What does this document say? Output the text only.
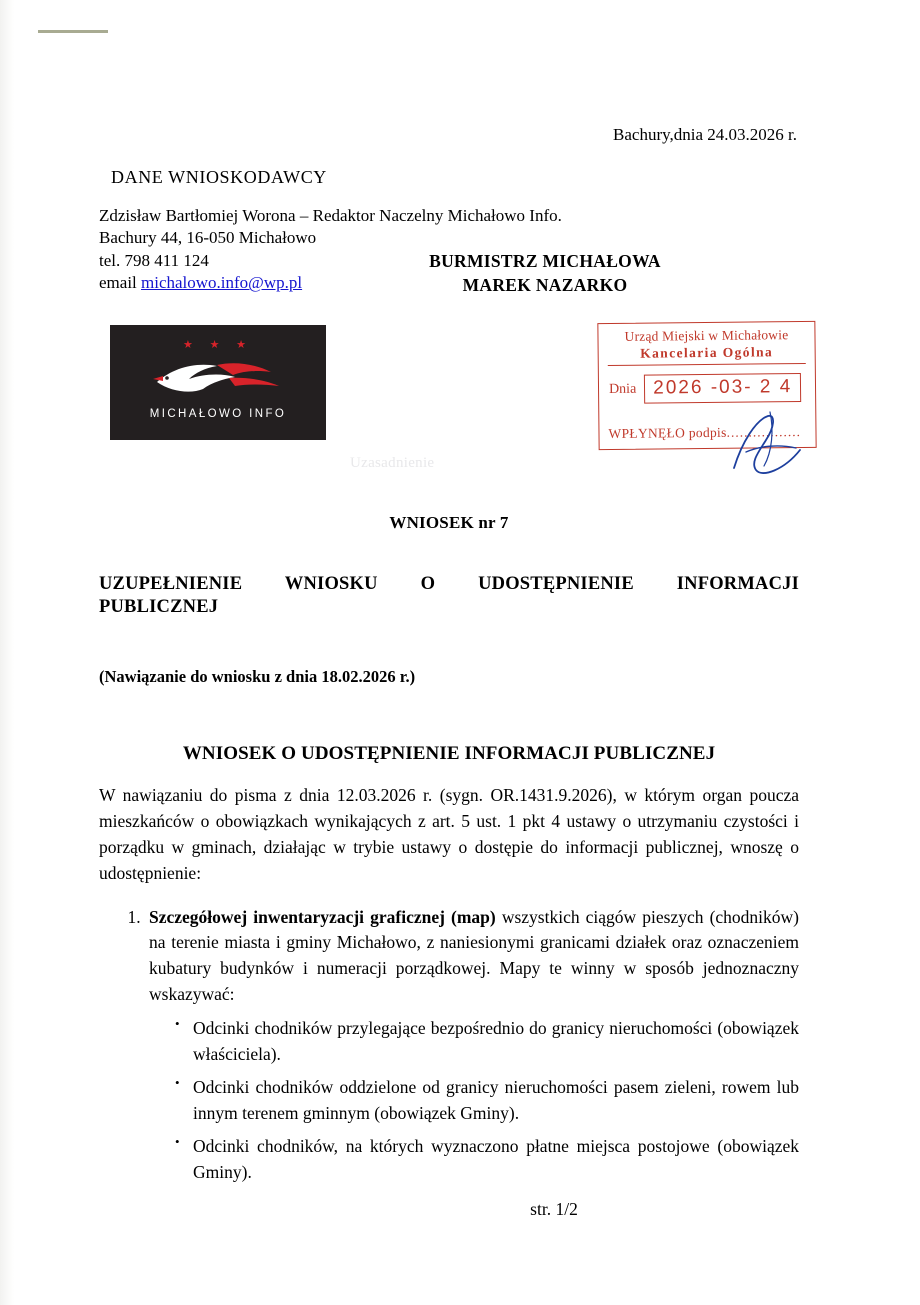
Uzasadnienie
Bachury,dnia 24.03.2026 r.
DANE WNIOSKODAWCY
Zdzisław Bartłomiej Worona – Redaktor Naczelny Michałowo Info.
Bachury 44, 16-050 Michałowo
tel. 798 411 124
email michalowo.info@wp.pl
WNIOSEK nr 7
UZUPEŁNIENIE WNIOSKU O UDOSTĘPNIENIE INFORMACJI
PUBLICZNEJ
(Nawiązanie do wniosku z dnia 18.02.2026 r.)
WNIOSEK O UDOSTĘPNIENIE INFORMACJI PUBLICZNEJ
W nawiązaniu do pisma z dnia 12.03.2026 r. (sygn. OR.1431.9.2026), w którym organ poucza mieszkańców o obowiązkach wynikających z art. 5 ust. 1 pkt 4 ustawy o utrzymaniu czystości i porządku w gminach, działając w trybie ustawy o dostępie do informacji publicznej, wnoszę o udostępnienie:
1. Szczegółowej inwentaryzacji graficznej (map) wszystkich ciągów pieszych (chodników) na terenie miasta i gminy Michałowo, z naniesionymi granicami działek oraz oznaczeniem kubatury budynków i numeracji porządkowej. Mapy te winny w sposób jednoznaczny wskazywać:
• Odcinki chodników przylegające bezpośrednio do granicy nieruchomości (obowiązek właściciela).
• Odcinki chodników oddzielone od granicy nieruchomości pasem zieleni, rowem lub innym terenem gminnym (obowiązek Gminy).
• Odcinki chodników, na których wyznaczono płatne miejsca postojowe (obowiązek Gminy).
str. 1/2
BURMISTRZ MICHAŁOWA
MAREK NAZARKO
★ ★ ★
MICHAŁOWO INFO
Urząd Miejski w Michałowie
Kancelaria Ogólna
Dnia 2026 -03- 2 4
WPŁYNĘŁO podpis.................
